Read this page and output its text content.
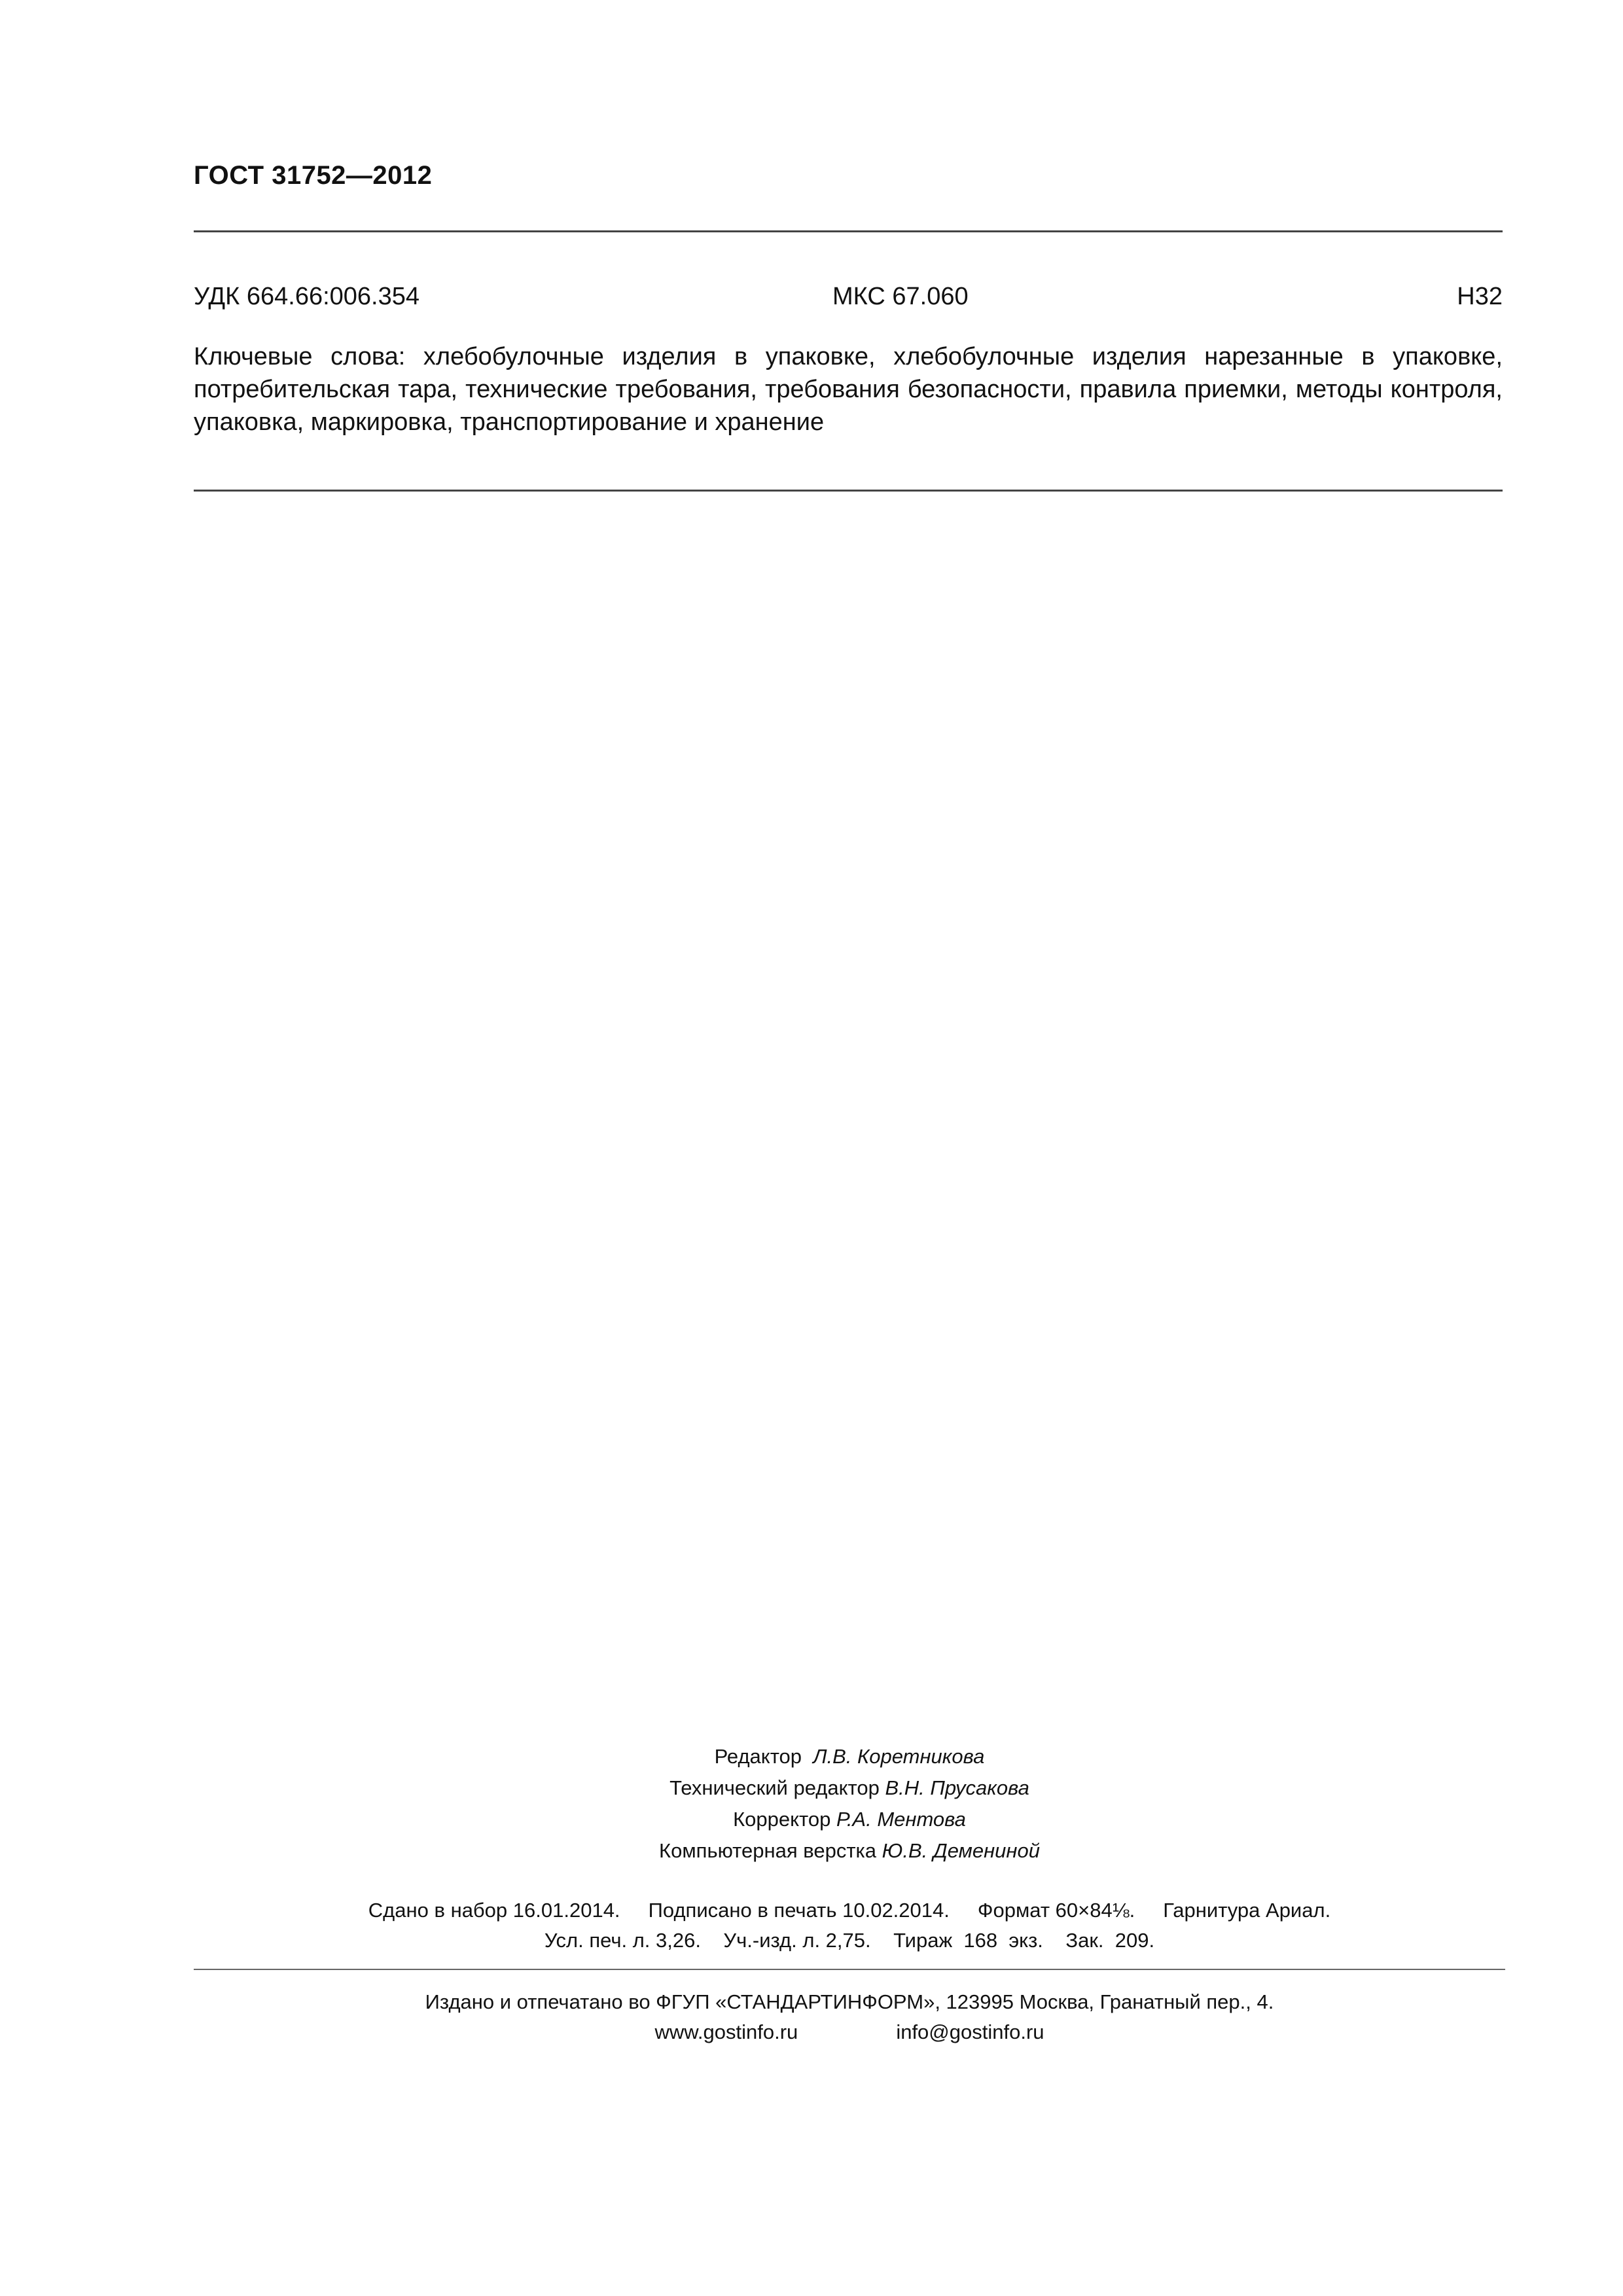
ГОСТ 31752—2012
УДК 664.66:006.354	МКС 67.060	Н32
Ключевые слова: хлебобулочные изделия в упаковке, хлебобулочные изделия нарезанные в упаковке, потребительская тара, технические требования, требования безопасности, правила приемки, методы контроля, упаковка, маркировка, транспортирование и хранение
Редактор Л.В. Коретникова
Технический редактор В.Н. Прусакова
Корректор Р.А. Ментова
Компьютерная верстка Ю.В. Демениной
Сдано в набор 16.01.2014.     Подписано в печать 10.02.2014.     Формат 60×84⅛.     Гарнитура Ариал.
Усл. печ. л. 3,26.    Уч.-изд. л. 2,75.    Тираж  168  экз.    Зак.  209.
Издано и отпечатано во ФГУП «СТАНДАРТИНФОРМ», 123995 Москва, Гранатный пер., 4.
www.gostinfo.ru	info@gostinfo.ru
